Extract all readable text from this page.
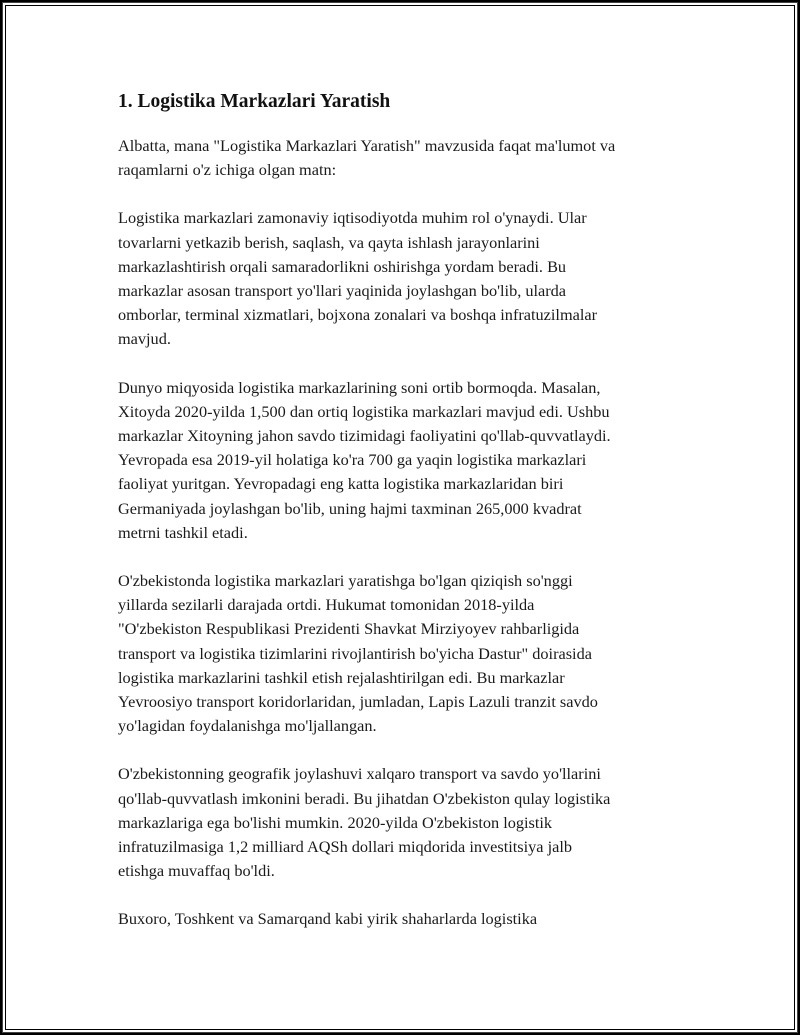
1. Logistika Markazlari Yaratish

Albatta, mana "Logistika Markazlari Yaratish" mavzusida faqat ma'lumot va
raqamlarni o'z ichiga olgan matn:

Logistika markazlari zamonaviy iqtisodiyotda muhim rol o'ynaydi. Ular
tovarlarni yetkazib berish, saqlash, va qayta ishlash jarayonlarini
markazlashtirish orqali samaradorlikni oshirishga yordam beradi. Bu
markazlar asosan transport yo'llari yaqinida joylashgan bo'lib, ularda
omborlar, terminal xizmatlari, bojxona zonalari va boshqa infratuzilmalar
mavjud.

Dunyo miqyosida logistika markazlarining soni ortib bormoqda. Masalan,
Xitoyda 2020-yilda 1,500 dan ortiq logistika markazlari mavjud edi. Ushbu
markazlar Xitoyning jahon savdo tizimidagi faoliyatini qo'llab-quvvatlaydi.
Yevropada esa 2019-yil holatiga ko'ra 700 ga yaqin logistika markazlari
faoliyat yuritgan. Yevropadagi eng katta logistika markazlaridan biri
Germaniyada joylashgan bo'lib, uning hajmi taxminan 265,000 kvadrat
metrni tashkil etadi.

O'zbekistonda logistika markazlari yaratishga bo'lgan qiziqish so'nggi
yillarda sezilarli darajada ortdi. Hukumat tomonidan 2018-yilda
"O'zbekiston Respublikasi Prezidenti Shavkat Mirziyoyev rahbarligida
transport va logistika tizimlarini rivojlantirish bo'yicha Dastur" doirasida
logistika markazlarini tashkil etish rejalashtirilgan edi. Bu markazlar
Yevroosiyo transport koridorlaridan, jumladan, Lapis Lazuli tranzit savdo
yo'lagidan foydalanishga mo'ljallangan.

O'zbekistonning geografik joylashuvi xalqaro transport va savdo yo'llarini
qo'llab-quvvatlash imkonini beradi. Bu jihatdan O'zbekiston qulay logistika
markazlariga ega bo'lishi mumkin. 2020-yilda O'zbekiston logistik
infratuzilmasiga 1,2 milliard AQSh dollari miqdorida investitsiya jalb
etishga muvaffaq bo'ldi.

Buxoro, Toshkent va Samarqand kabi yirik shaharlarda logistika
